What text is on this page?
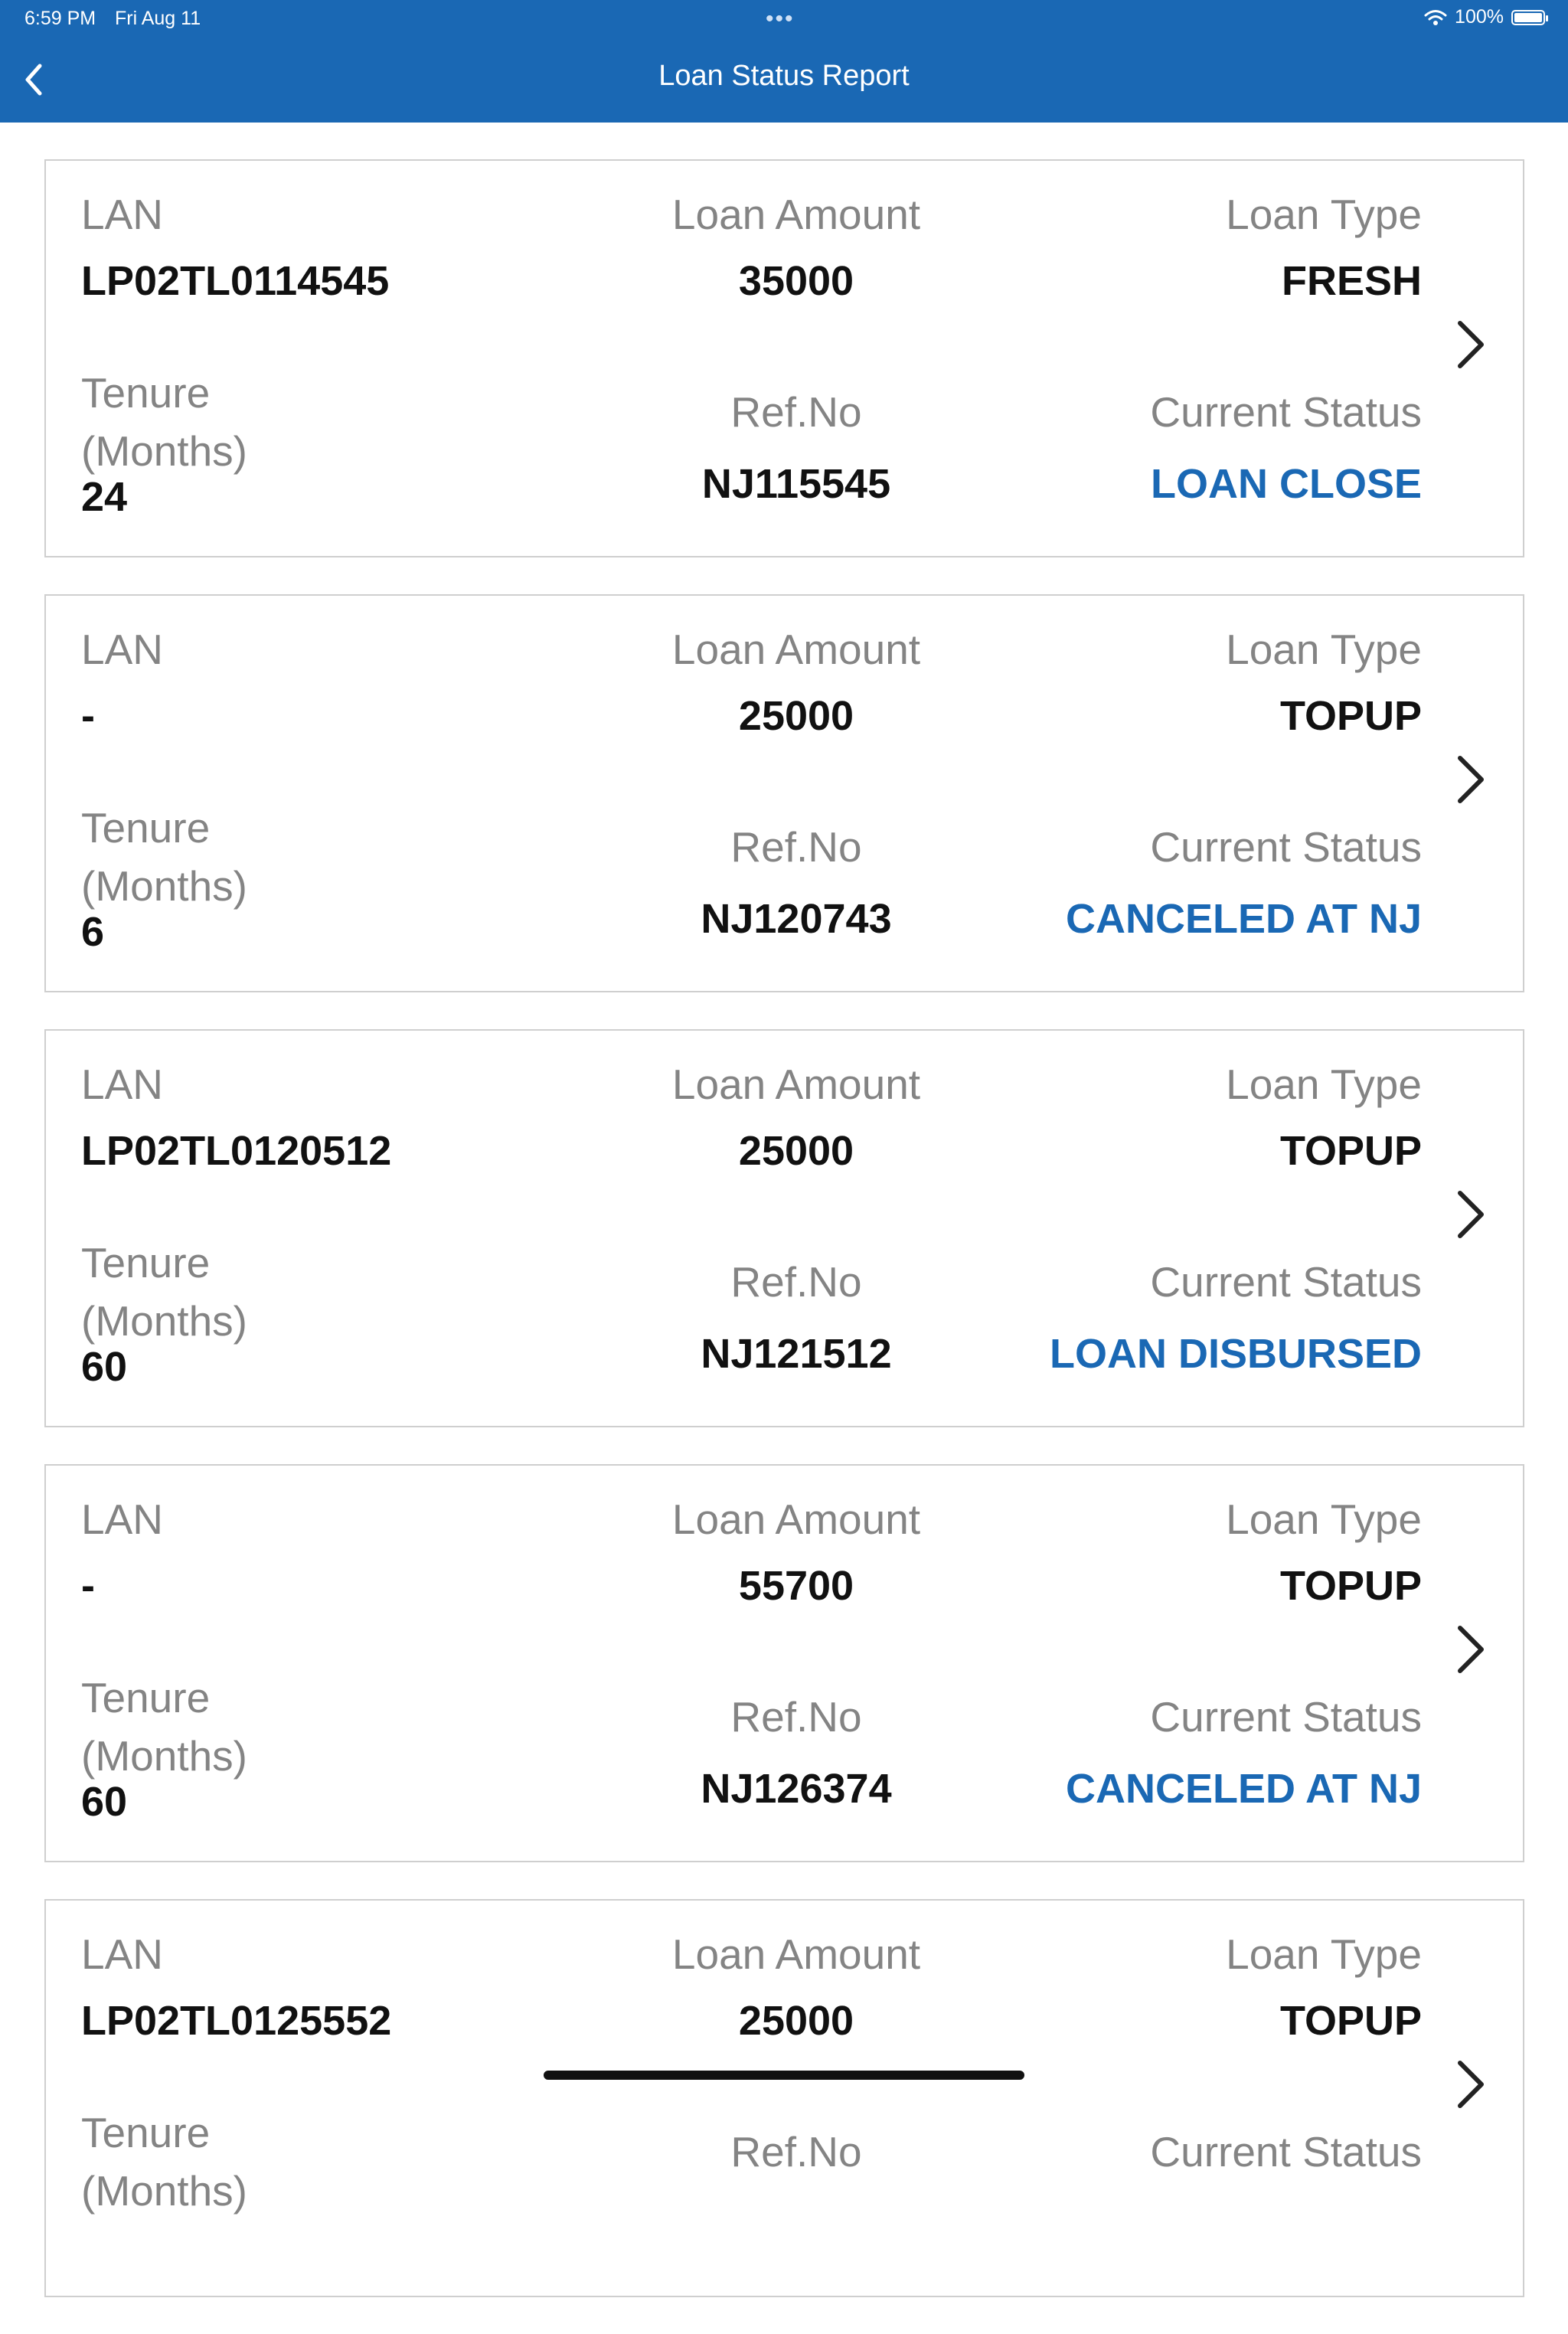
6:59 PM Fri Aug 11	•••	100%
Loan Status Report
LAN
LP02TL0114545
Loan Amount
35000
Loan Type
FRESH
Tenure (Months)
24
Ref.No
NJ115545
Current Status
LOAN CLOSE
LAN
-
Loan Amount
25000
Loan Type
TOPUP
Tenure (Months)
6
Ref.No
NJ120743
Current Status
CANCELED AT NJ
LAN
LP02TL0120512
Loan Amount
25000
Loan Type
TOPUP
Tenure (Months)
60
Ref.No
NJ121512
Current Status
LOAN DISBURSED
LAN
-
Loan Amount
55700
Loan Type
TOPUP
Tenure (Months)
60
Ref.No
NJ126374
Current Status
CANCELED AT NJ
LAN
LP02TL0125552
Loan Amount
25000
Loan Type
TOPUP
Tenure (Months)
Ref.No	Current Status
